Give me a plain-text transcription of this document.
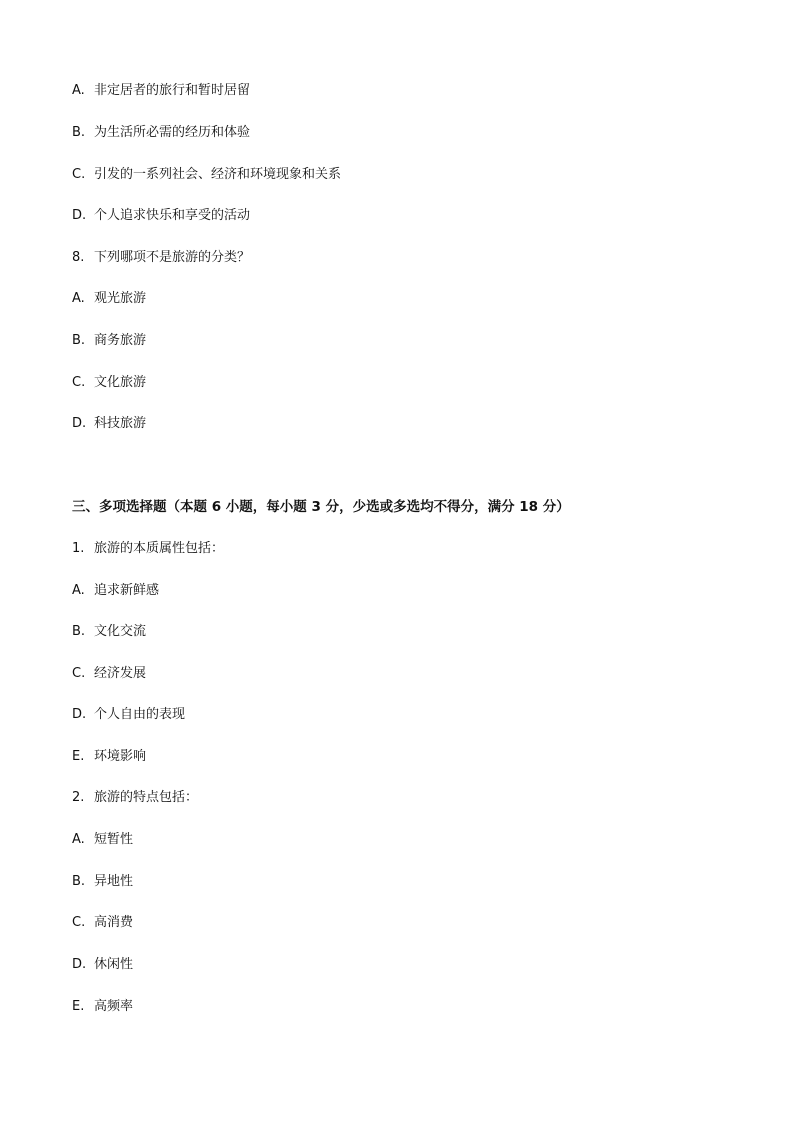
A. 非定居者的旅行和暂时居留
B. 为生活所必需的经历和体验
C. 引发的一系列社会、经济和环境现象和关系
D. 个人追求快乐和享受的活动
8. 下列哪项不是旅游的分类？
A. 观光旅游
B. 商务旅游
C. 文化旅游
D. 科技旅游
三、多项选择题（本题 6 小题，每小题 3 分，少选或多选均不得分，满分 18 分）
1. 旅游的本质属性包括：
A. 追求新鲜感
B. 文化交流
C. 经济发展
D. 个人自由的表现
E. 环境影响
2. 旅游的特点包括：
A. 短暂性
B. 异地性
C. 高消费
D. 休闲性
E. 高频率
